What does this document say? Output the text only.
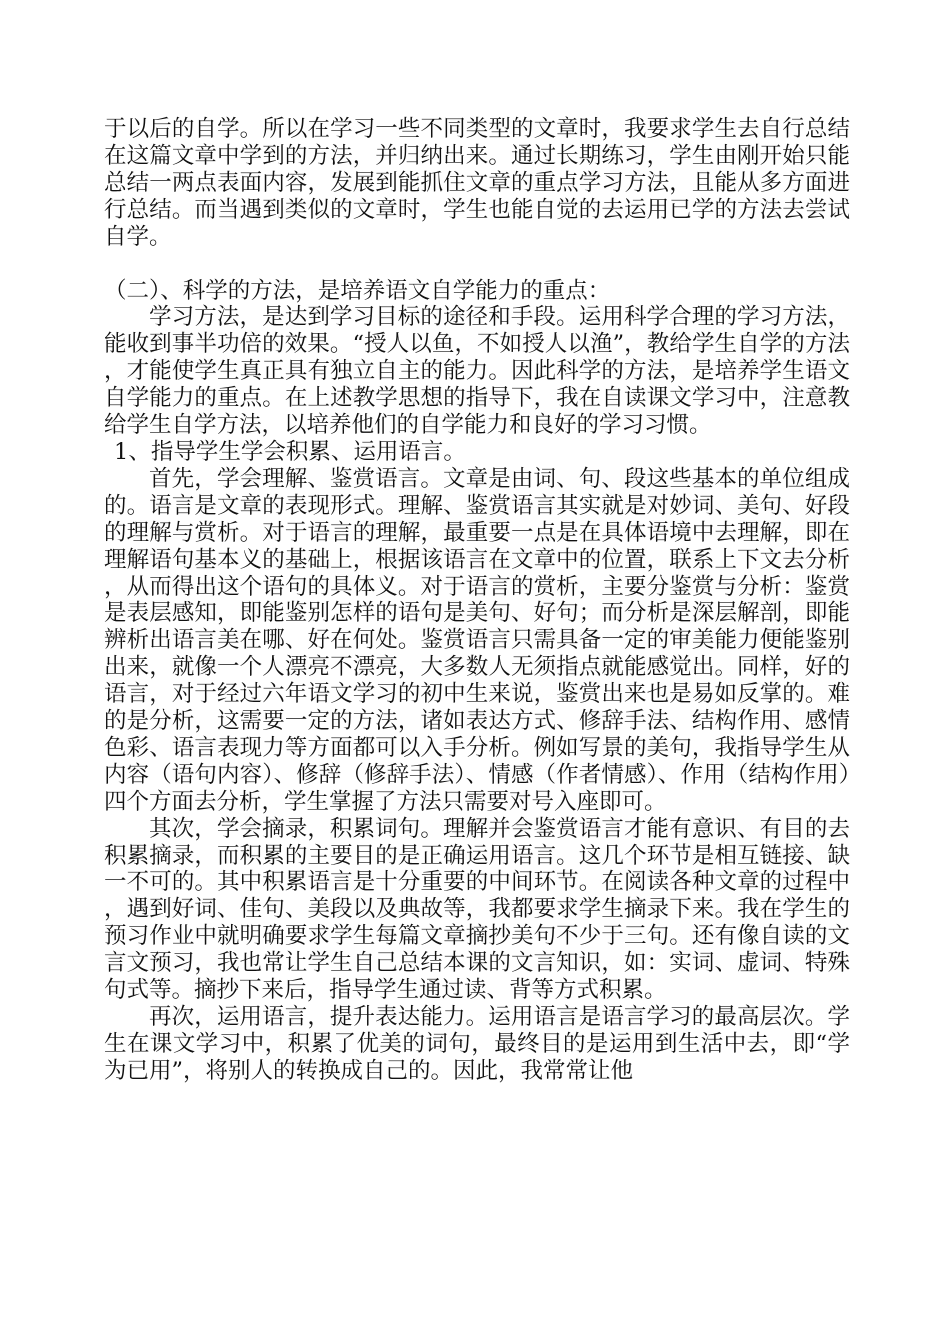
于以后的自学。所以在学习一些不同类型的文章时，我要求学生去自行总结在这篇文章中学到的方法，并归纳出来。通过长期练习，学生由刚开始只能总结一两点表面内容，发展到能抓住文章的重点学习方法，且能从多方面进行总结。而当遇到类似的文章时，学生也能自觉的去运用已学的方法去尝试自学。

（二）、科学的方法，是培养语文自学能力的重点：

学习方法，是达到学习目标的途径和手段。运用科学合理的学习方法，能收到事半功倍的效果。“授人以鱼，不如授人以渔”，教给学生自学的方法，才能使学生真正具有独立自主的能力。因此科学的方法，是培养学生语文自学能力的重点。在上述教学思想的指导下，我在自读课文学习中，注意教给学生自学方法，以培养他们的自学能力和良好的学习习惯。

1、指导学生学会积累、运用语言。

首先，学会理解、鉴赏语言。文章是由词、句、段这些基本的单位组成的。语言是文章的表现形式。理解、鉴赏语言其实就是对妙词、美句、好段的理解与赏析。对于语言的理解，最重要一点是在具体语境中去理解，即在理解语句基本义的基础上，根据该语言在文章中的位置，联系上下文去分析，从而得出这个语句的具体义。对于语言的赏析，主要分鉴赏与分析：鉴赏是表层感知，即能鉴别怎样的语句是美句、好句；而分析是深层解剖，即能辨析出语言美在哪、好在何处。鉴赏语言只需具备一定的审美能力便能鉴别出来，就像一个人漂亮不漂亮，大多数人无须指点就能感觉出。同样，好的语言，对于经过六年语文学习的初中生来说，鉴赏出来也是易如反掌的。难的是分析，这需要一定的方法，诸如表达方式、修辞手法、结构作用、感情色彩、语言表现力等方面都可以入手分析。例如写景的美句，我指导学生从内容（语句内容）、修辞（修辞手法）、情感（作者情感）、作用（结构作用）四个方面去分析，学生掌握了方法只需要对号入座即可。

其次，学会摘录，积累词句。理解并会鉴赏语言才能有意识、有目的去积累摘录，而积累的主要目的是正确运用语言。这几个环节是相互链接、缺一不可的。其中积累语言是十分重要的中间环节。在阅读各种文章的过程中，遇到好词、佳句、美段以及典故等，我都要求学生摘录下来。我在学生的预习作业中就明确要求学生每篇文章摘抄美句不少于三句。还有像自读的文言文预习，我也常让学生自己总结本课的文言知识，如：实词、虚词、特殊句式等。摘抄下来后，指导学生通过读、背等方式积累。

再次，运用语言，提升表达能力。运用语言是语言学习的最高层次。学生在课文学习中，积累了优美的词句，最终目的是运用到生活中去，即“学为已用”，将别人的转换成自己的。因此，我常常让他
